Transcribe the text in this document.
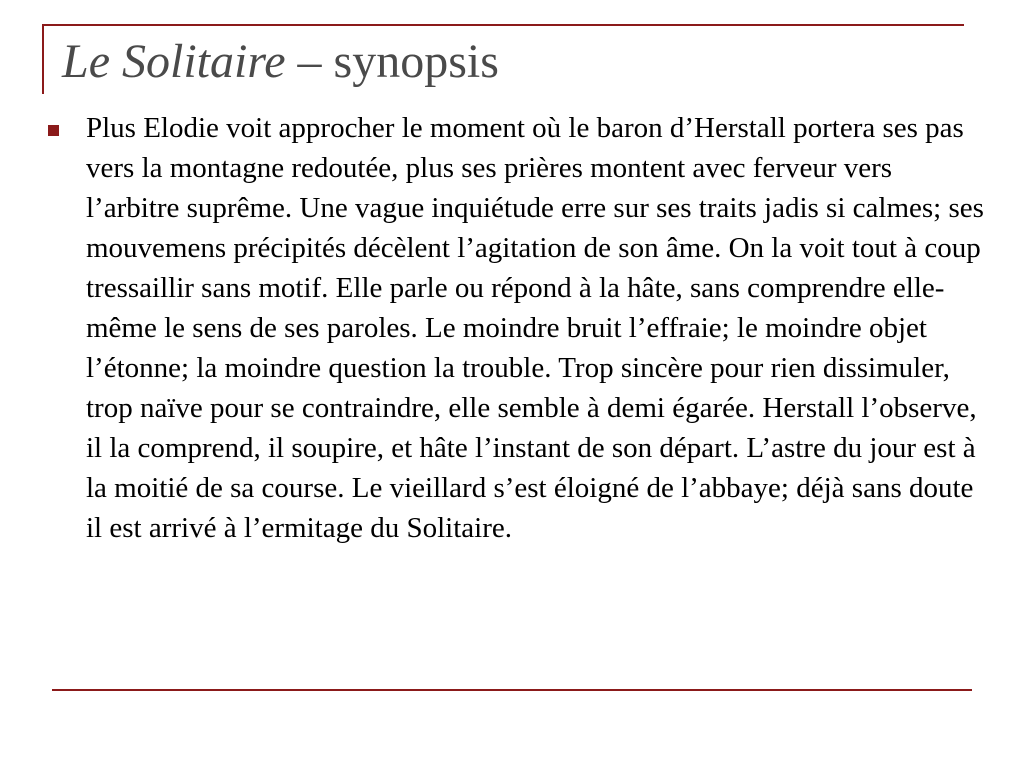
Le Solitaire – synopsis
Plus Elodie voit approcher le moment où le baron d’Herstall portera ses pas vers la montagne redoutée, plus ses prières montent avec ferveur vers l’arbitre suprême. Une vague inquiétude erre sur ses traits jadis si calmes; ses mouvemens précipités décèlent l’agitation de son âme. On la voit tout à coup tressaillir sans motif. Elle parle ou répond à la hâte, sans comprendre elle-même le sens de ses paroles. Le moindre bruit l’effraie; le moindre objet l’étonne; la moindre question la trouble. Trop sincère pour rien dissimuler, trop naïve pour se contraindre, elle semble à demi égarée. Herstall l’observe, il la comprend, il soupire, et hâte l’instant de son départ. L’astre du jour est à la moitié de sa course. Le vieillard s’est éloigné de l’abbaye; déjà sans doute il est arrivé à l’ermitage du Solitaire.
